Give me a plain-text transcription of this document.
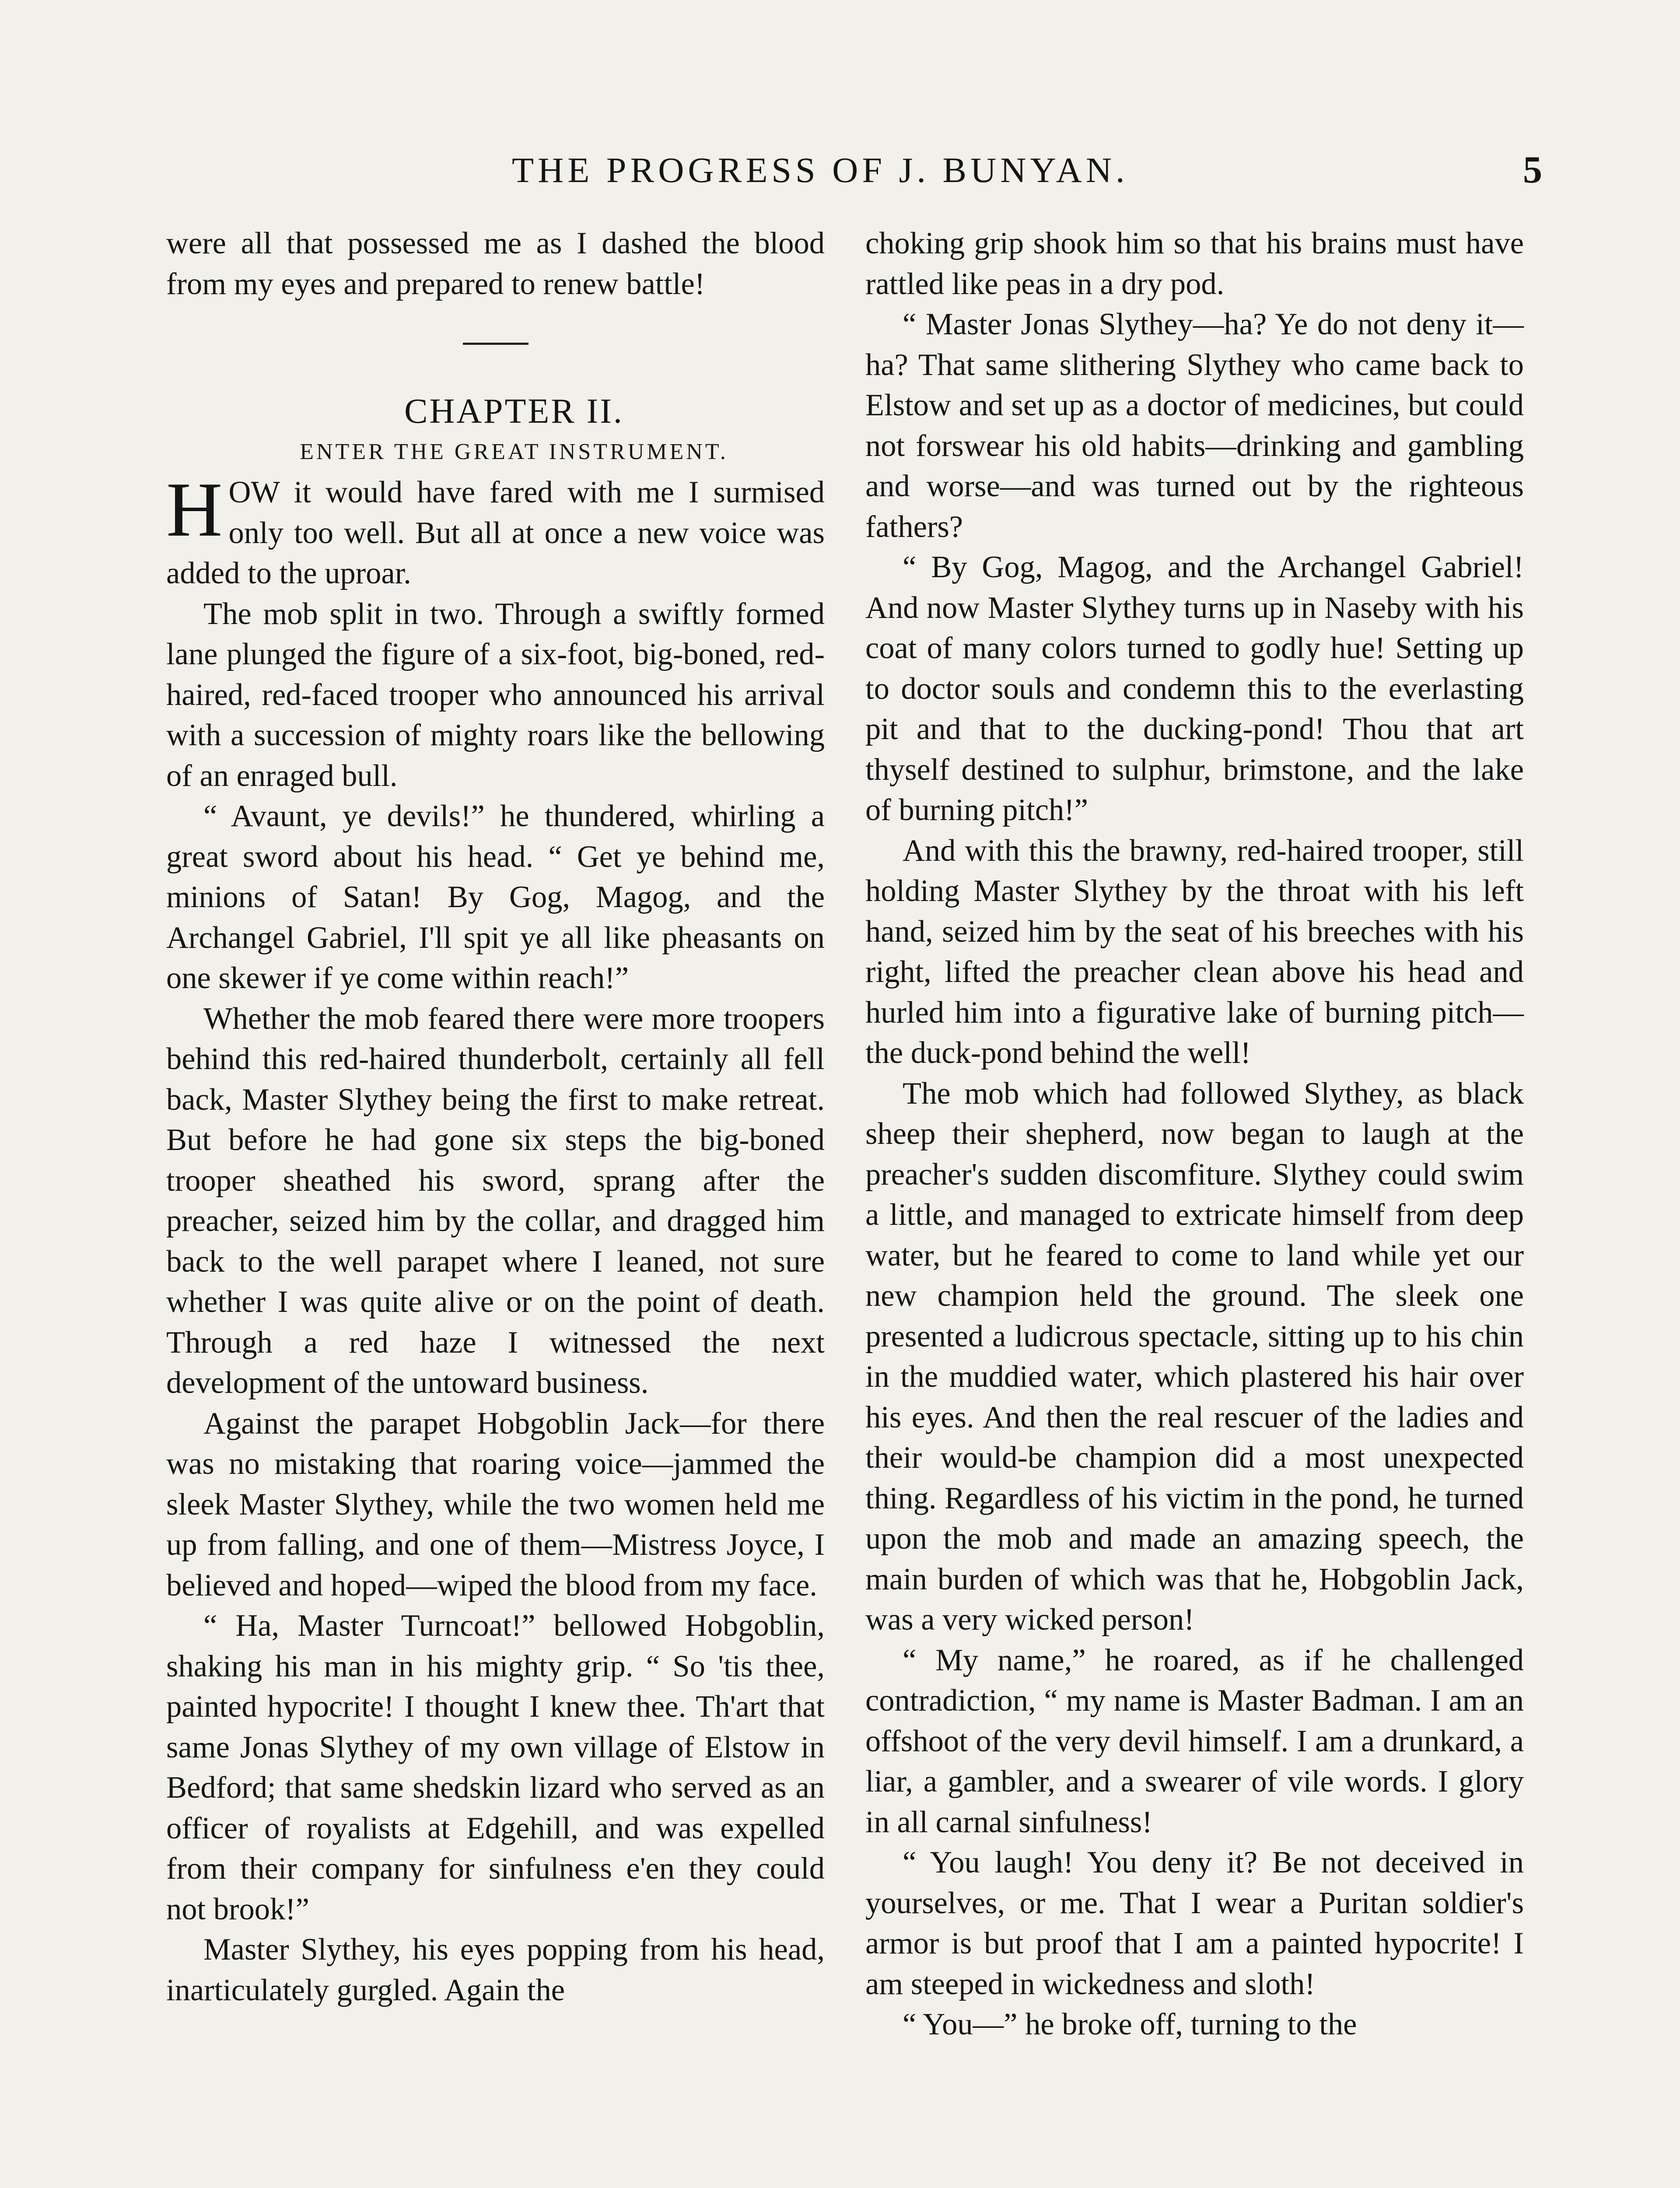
THE PROGRESS OF J. BUNYAN.	5

were all that possessed me as I dashed the blood from my eyes and prepared to renew battle!

CHAPTER II.

ENTER THE GREAT INSTRUMENT.

HOW it would have fared with me I surmised only too well. But all at once a new voice was added to the uproar.

The mob split in two. Through a swiftly formed lane plunged the figure of a six-foot, big-boned, red-haired, red-faced trooper who announced his arrival with a succession of mighty roars like the bellowing of an enraged bull.

“ Avaunt, ye devils!” he thundered, whirling a great sword about his head. “ Get ye behind me, minions of Satan! By Gog, Magog, and the Archangel Gabriel, I'll spit ye all like pheasants on one skewer if ye come within reach!”

Whether the mob feared there were more troopers behind this red-haired thunderbolt, certainly all fell back, Master Slythey being the first to make retreat. But before he had gone six steps the big-boned trooper sheathed his sword, sprang after the preacher, seized him by the collar, and dragged him back to the well parapet where I leaned, not sure whether I was quite alive or on the point of death. Through a red haze I witnessed the next development of the untoward business.

Against the parapet Hobgoblin Jack—for there was no mistaking that roaring voice—jammed the sleek Master Slythey, while the two women held me up from falling, and one of them—Mistress Joyce, I believed and hoped—wiped the blood from my face.

“ Ha, Master Turncoat!” bellowed Hobgoblin, shaking his man in his mighty grip. “ So 'tis thee, painted hypocrite! I thought I knew thee. Th'art that same Jonas Slythey of my own village of Elstow in Bedford; that same shedskin lizard who served as an officer of royalists at Edgehill, and was expelled from their company for sinfulness e'en they could not brook!”

Master Slythey, his eyes popping from his head, inarticulately gurgled. Again the

choking grip shook him so that his brains must have rattled like peas in a dry pod.

“ Master Jonas Slythey—ha? Ye do not deny it—ha? That same slithering Slythey who came back to Elstow and set up as a doctor of medicines, but could not forswear his old habits—drinking and gambling and worse—and was turned out by the righteous fathers?

“ By Gog, Magog, and the Archangel Gabriel! And now Master Slythey turns up in Naseby with his coat of many colors turned to godly hue! Setting up to doctor souls and condemn this to the everlasting pit and that to the ducking-pond! Thou that art thyself destined to sulphur, brimstone, and the lake of burning pitch!”

And with this the brawny, red-haired trooper, still holding Master Slythey by the throat with his left hand, seized him by the seat of his breeches with his right, lifted the preacher clean above his head and hurled him into a figurative lake of burning pitch—the duck-pond behind the well!

The mob which had followed Slythey, as black sheep their shepherd, now began to laugh at the preacher's sudden discomfiture. Slythey could swim a little, and managed to extricate himself from deep water, but he feared to come to land while yet our new champion held the ground. The sleek one presented a ludicrous spectacle, sitting up to his chin in the muddied water, which plastered his hair over his eyes. And then the real rescuer of the ladies and their would-be champion did a most unexpected thing. Regardless of his victim in the pond, he turned upon the mob and made an amazing speech, the main burden of which was that he, Hobgoblin Jack, was a very wicked person!

“ My name,” he roared, as if he challenged contradiction, “ my name is Master Badman. I am an offshoot of the very devil himself. I am a drunkard, a liar, a gambler, and a swearer of vile words. I glory in all carnal sinfulness!

“ You laugh! You deny it? Be not deceived in yourselves, or me. That I wear a Puritan soldier's armor is but proof that I am a painted hypocrite! I am steeped in wickedness and sloth!

“ You—” he broke off, turning to the
